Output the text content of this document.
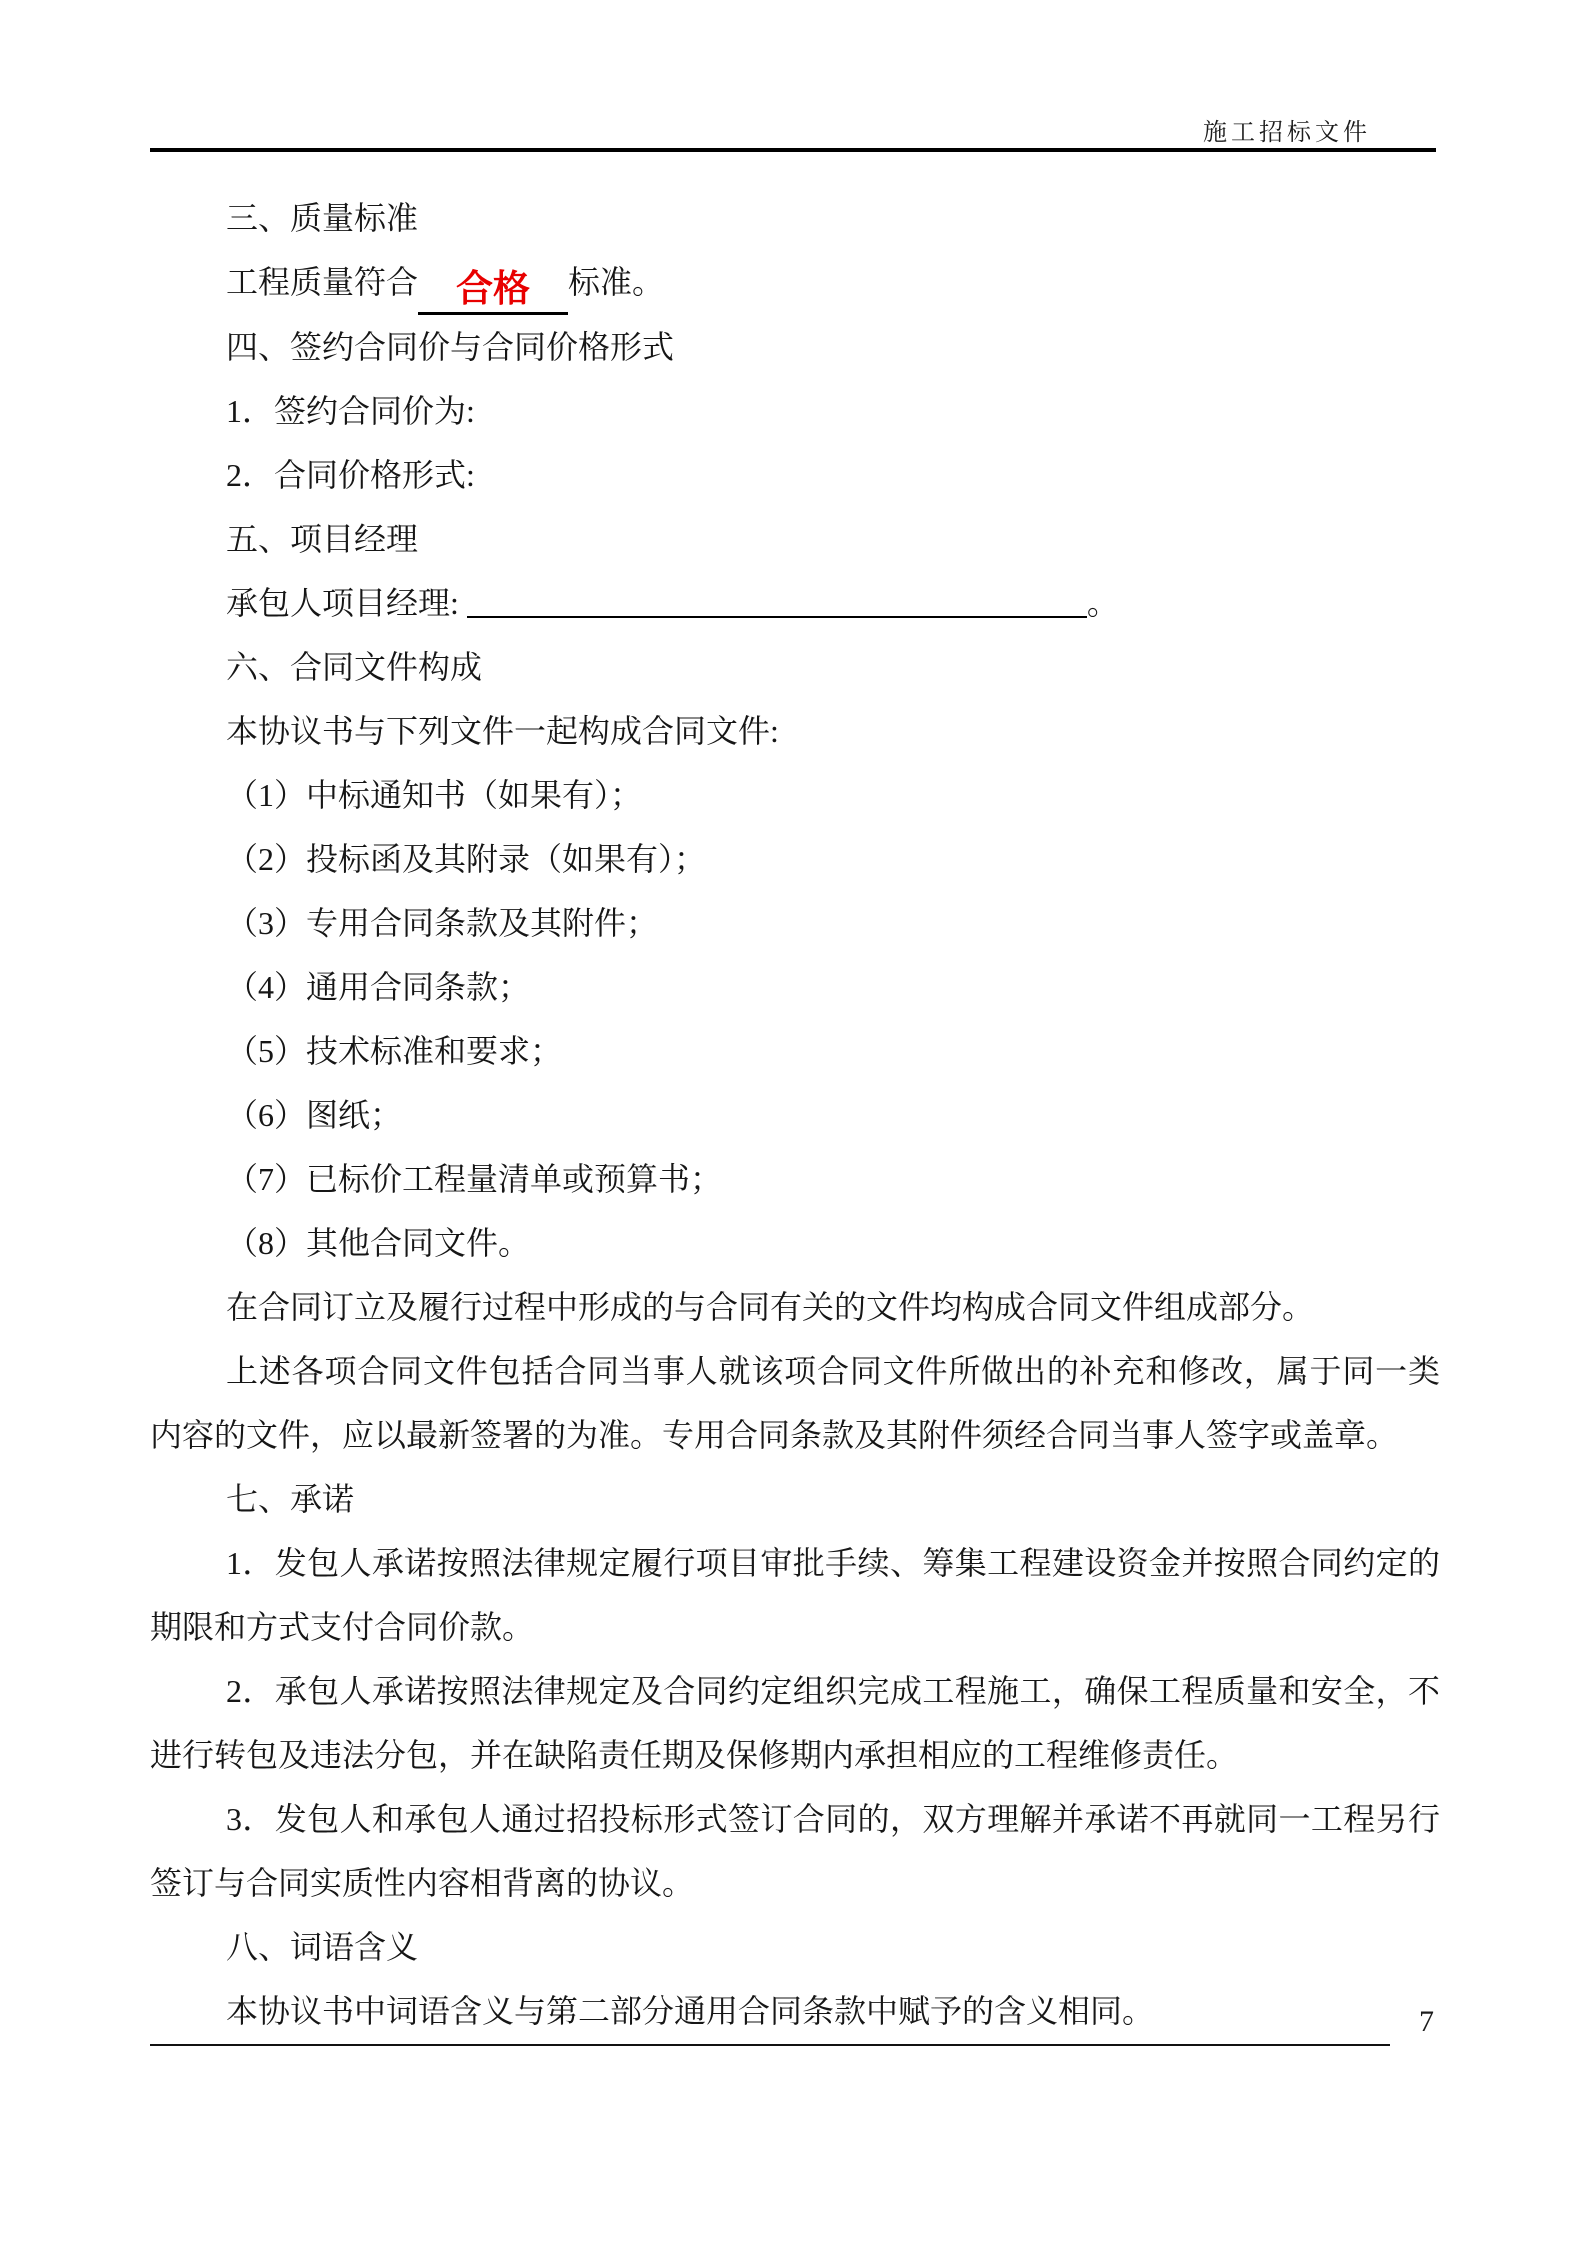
施工招标文件

三、质量标准

工程质量符合 合格 标准。

四、签约合同价与合同价格形式

1．签约合同价为:

2．合同价格形式:

五、项目经理

承包人项目经理:	。

六、合同文件构成

本协议书与下列文件一起构成合同文件:

（1）中标通知书（如果有）；

（2）投标函及其附录（如果有）；

（3）专用合同条款及其附件；

（4）通用合同条款；

（5）技术标准和要求；

（6）图纸；

（7）已标价工程量清单或预算书；

（8）其他合同文件。

在合同订立及履行过程中形成的与合同有关的文件均构成合同文件组成部分。

上述各项合同文件包括合同当事人就该项合同文件所做出的补充和修改，属于同一类内容的文件，应以最新签署的为准。专用合同条款及其附件须经合同当事人签字或盖章。

七、承诺

1．发包人承诺按照法律规定履行项目审批手续、筹集工程建设资金并按照合同约定的期限和方式支付合同价款。

2．承包人承诺按照法律规定及合同约定组织完成工程施工，确保工程质量和安全，不进行转包及违法分包，并在缺陷责任期及保修期内承担相应的工程维修责任。

3．发包人和承包人通过招投标形式签订合同的，双方理解并承诺不再就同一工程另行签订与合同实质性内容相背离的协议。

八、词语含义

本协议书中词语含义与第二部分通用合同条款中赋予的含义相同。	7
